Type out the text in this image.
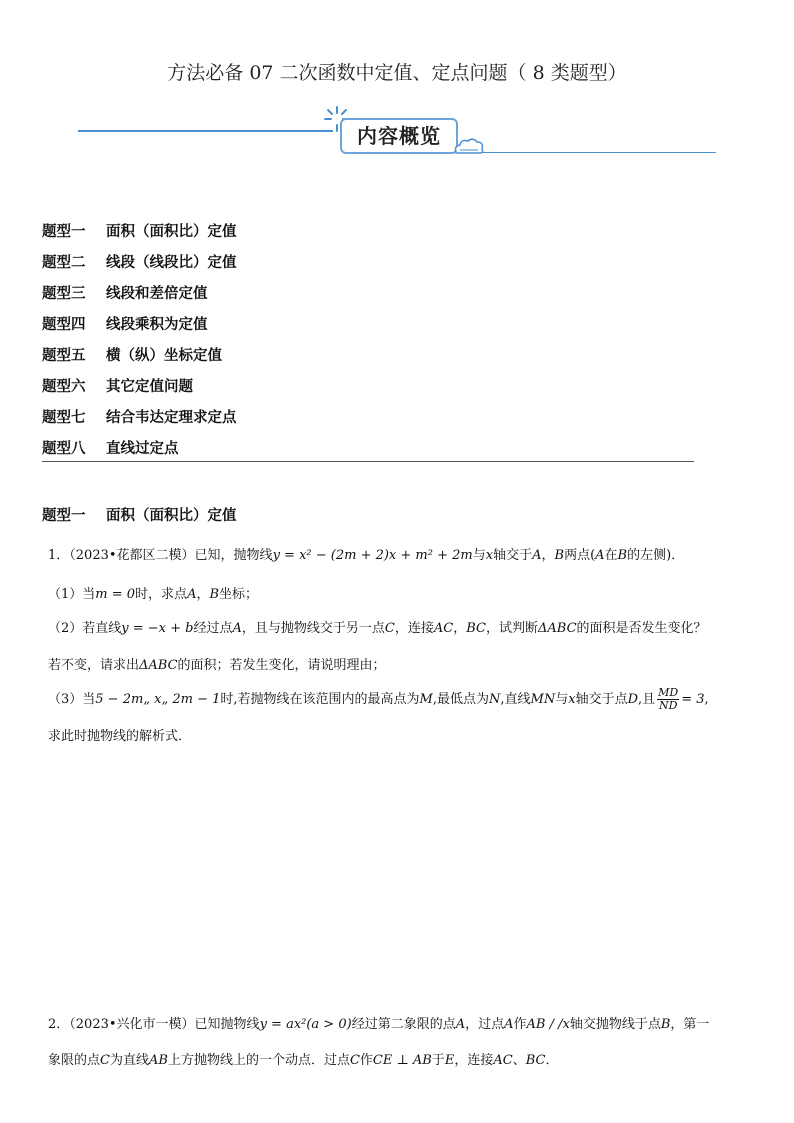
方法必备 07 二次函数中定值、定点问题（ 8 类题型）
内容概览
题型一	面积（面积比）定值
题型二	线段（线段比）定值
题型三	线段和差倍定值
题型四	线段乘积为定值
题型五	横（纵）坐标定值
题型六	其它定值问题
题型七	结合韦达定理求定点
题型八	直线过定点
题型一 面积（面积比）定值
1．（2023•花都区二模）已知，抛物线y = x² − (2m + 2)x + m² + 2m与x轴交于A，B两点(A在B的左侧)．
（1）当m = 0时，求点A，B坐标；
（2）若直线y = −x + b经过点A，且与抛物线交于另一点C，连接AC，BC，试判断ΔABC的面积是否发生变化？
若不变，请求出ΔABC的面积；若发生变化，请说明理由；
（3）当5 − 2m„ x„ 2m − 1时,若抛物线在该范围内的最高点为M,最低点为N,直线MN与x轴交于点D,且 $\frac{MD}{ND} = 3$,
求此时抛物线的解析式．
2．（2023•兴化市一模）已知抛物线y = ax²(a > 0)经过第二象限的点A，过点A作AB / /x轴交抛物线于点B，第一
象限的点C为直线AB上方抛物线上的一个动点．过点C作CE ⊥ AB于E，连接AC、BC．
